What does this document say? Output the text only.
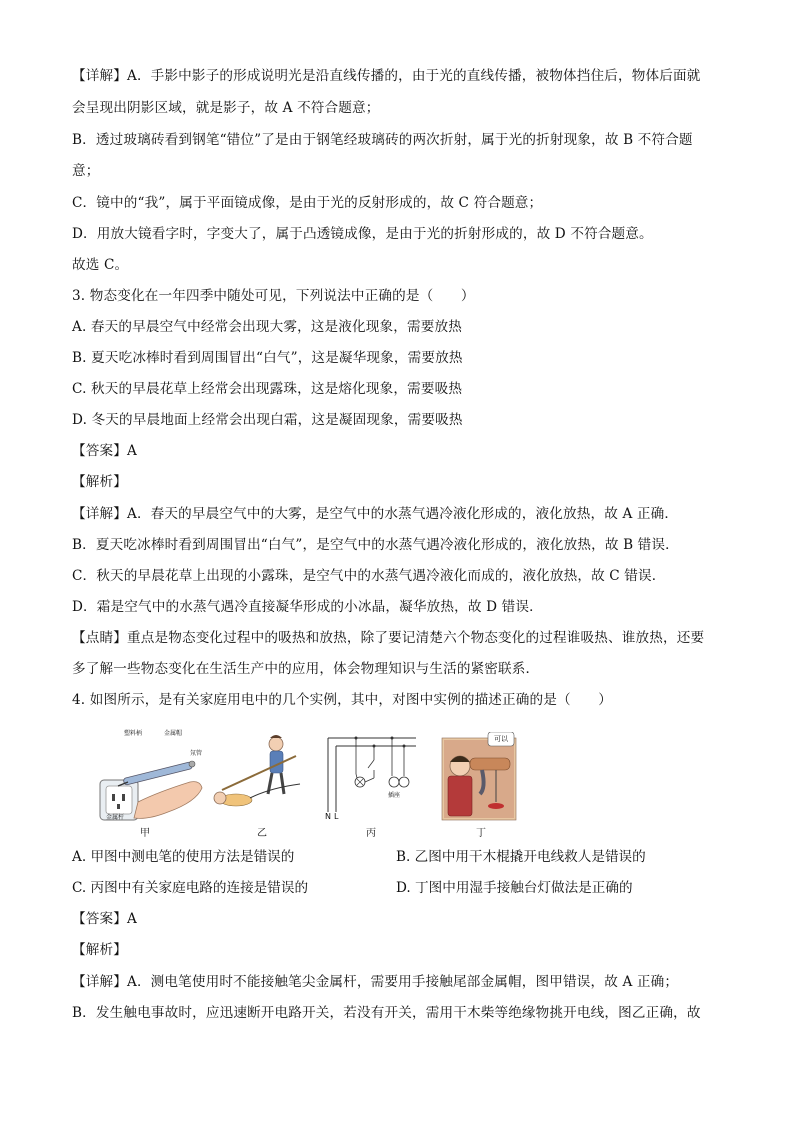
【详解】A．手影中影子的形成说明光是沿直线传播的，由于光的直线传播，被物体挡住后，物体后面就
会呈现出阴影区域，就是影子，故 A 不符合题意；
B．透过玻璃砖看到钢笔“错位”了是由于钢笔经玻璃砖的两次折射，属于光的折射现象，故 B 不符合题
意；
C．镜中的“我”，属于平面镜成像，是由于光的反射形成的，故 C 符合题意；
D．用放大镜看字时，字变大了，属于凸透镜成像，是由于光的折射形成的，故 D 不符合题意。
故选 C。
3. 物态变化在一年四季中随处可见，下列说法中正确的是（　　）
A. 春天的早晨空气中经常会出现大雾，这是液化现象，需要放热
B. 夏天吃冰棒时看到周围冒出“白气”，这是凝华现象，需要放热
C. 秋天的早晨花草上经常会出现露珠，这是熔化现象，需要吸热
D. 冬天的早晨地面上经常会出现白霜，这是凝固现象，需要吸热
【答案】A
【解析】
【详解】A．春天的早晨空气中的大雾，是空气中的水蒸气遇冷液化形成的，液化放热，故 A 正确．
B．夏天吃冰棒时看到周围冒出“白气”，是空气中的水蒸气遇冷液化形成的，液化放热，故 B 错误．
C．秋天的早晨花草上出现的小露珠，是空气中的水蒸气遇冷液化而成的，液化放热，故 C 错误．
D．霜是空气中的水蒸气遇冷直接凝华形成的小冰晶，凝华放热，故 D 错误．
【点睛】重点是物态变化过程中的吸热和放热，除了要记清楚六个物态变化的过程谁吸热、谁放热，还要
多了解一些物态变化在生活生产中的应用，体会物理知识与生活的紧密联系．
4. 如图所示，是有关家庭用电中的几个实例，其中，对图中实例的描述正确的是（　　）
塑料柄	金属帽
氖管
金属杆	N L
插座
可以
甲	乙	丙	丁
A. 甲图中测电笔的使用方法是错误的	B. 乙图中用干木棍撬开电线救人是错误的
C. 丙图中有关家庭电路的连接是错误的	D. 丁图中用湿手接触台灯做法是正确的
【答案】A
【解析】
【详解】A．测电笔使用时不能接触笔尖金属杆，需要用手接触尾部金属帽，图甲错误，故 A 正确；
B．发生触电事故时，应迅速断开电路开关，若没有开关，需用干木柴等绝缘物挑开电线，图乙正确，故
